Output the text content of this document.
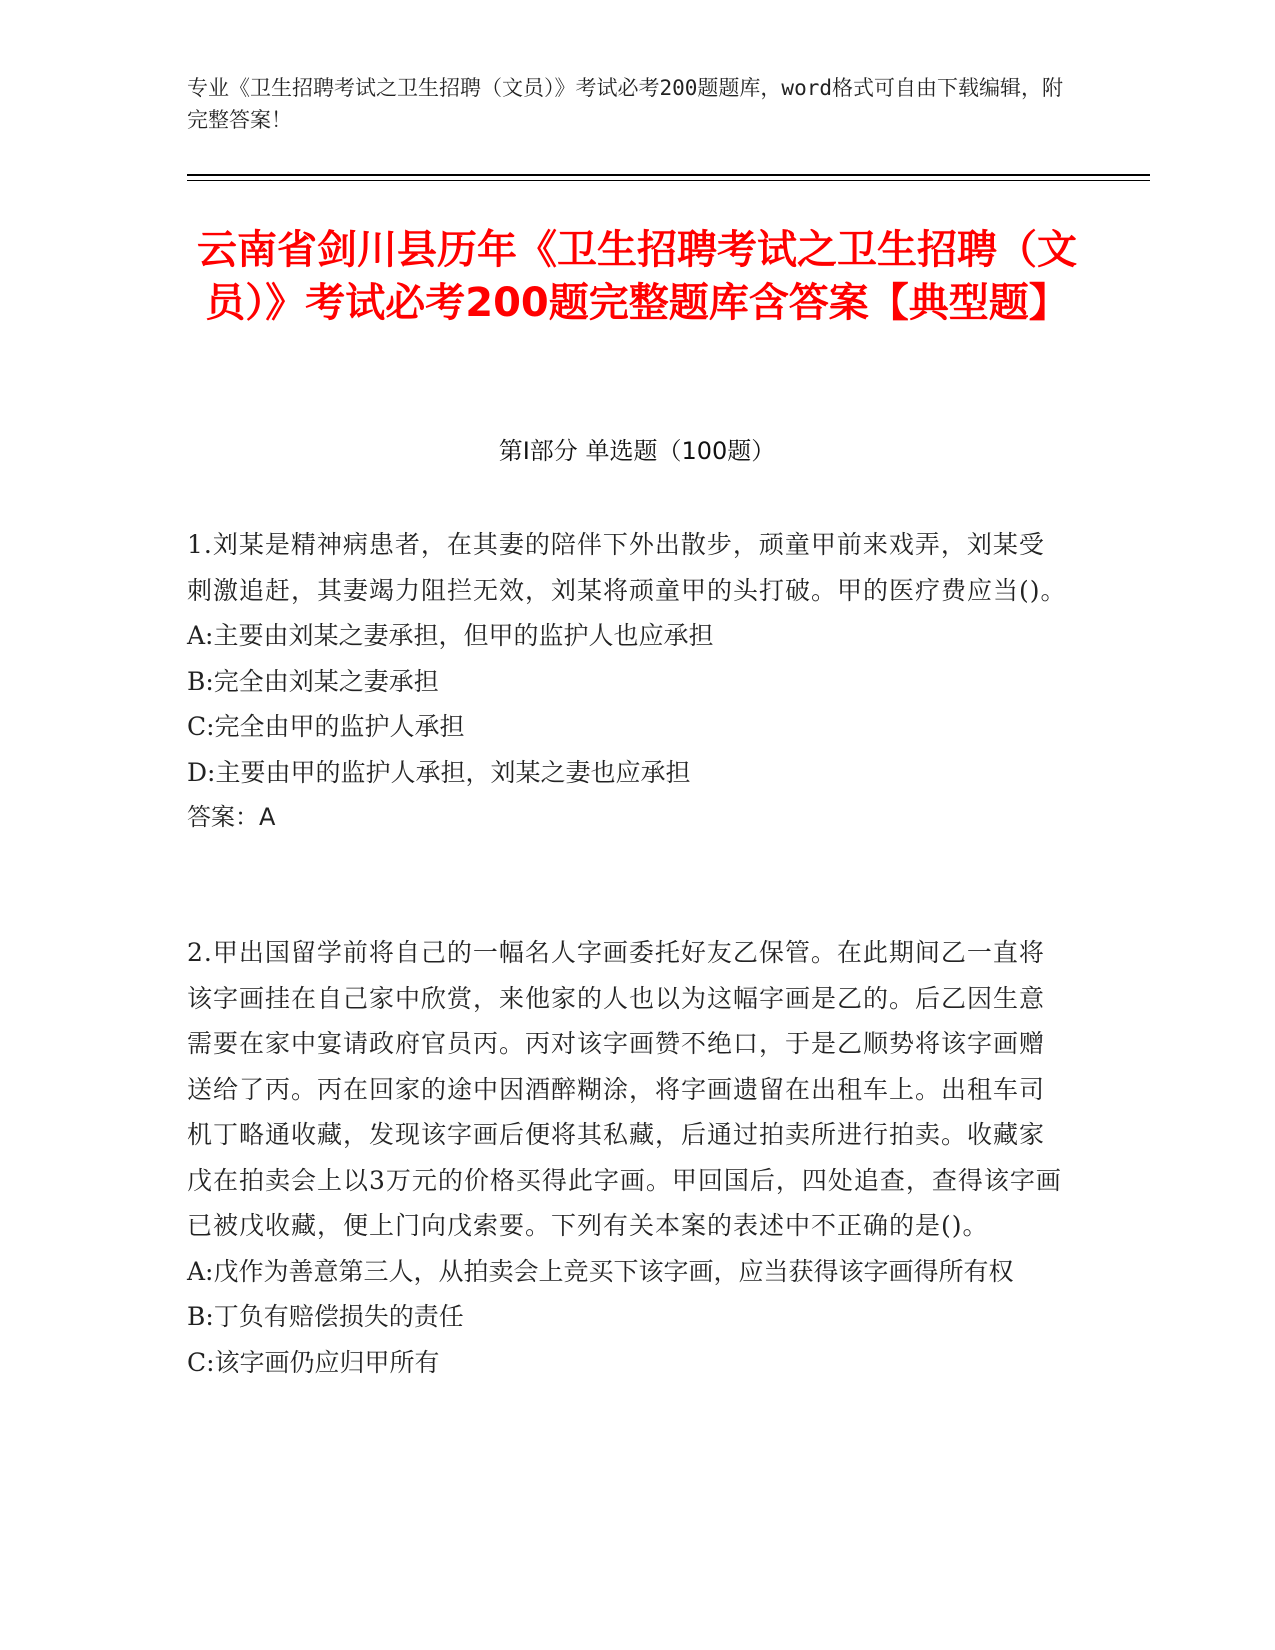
专业《卫生招聘考试之卫生招聘（文员）》考试必考200题题库，word格式可自由下载编辑，附完整答案！
云南省剑川县历年《卫生招聘考试之卫生招聘（文员）》考试必考200题完整题库含答案【典型题】
第Ⅰ部分 单选题（100题）

1.刘某是精神病患者，在其妻的陪伴下外出散步，顽童甲前来戏弄，刘某受刺激追赶，其妻竭力阻拦无效，刘某将顽童甲的头打破。甲的医疗费应当()。

A:主要由刘某之妻承担，但甲的监护人也应承担

B:完全由刘某之妻承担

C:完全由甲的监护人承担

D:主要由甲的监护人承担，刘某之妻也应承担

答案：A

2.甲出国留学前将自己的一幅名人字画委托好友乙保管。在此期间乙一直将该字画挂在自己家中欣赏，来他家的人也以为这幅字画是乙的。后乙因生意需要在家中宴请政府官员丙。丙对该字画赞不绝口，于是乙顺势将该字画赠送给了丙。丙在回家的途中因酒醉糊涂，将字画遗留在出租车上。出租车司机丁略通收藏，发现该字画后便将其私藏，后通过拍卖所进行拍卖。收藏家戊在拍卖会上以3万元的价格买得此字画。甲回国后，四处追查，查得该字画已被戊收藏，便上门向戊索要。下列有关本案的表述中不正确的是()。

A:戊作为善意第三人，从拍卖会上竞买下该字画，应当获得该字画得所有权

B:丁负有赔偿损失的责任

C:该字画仍应归甲所有
